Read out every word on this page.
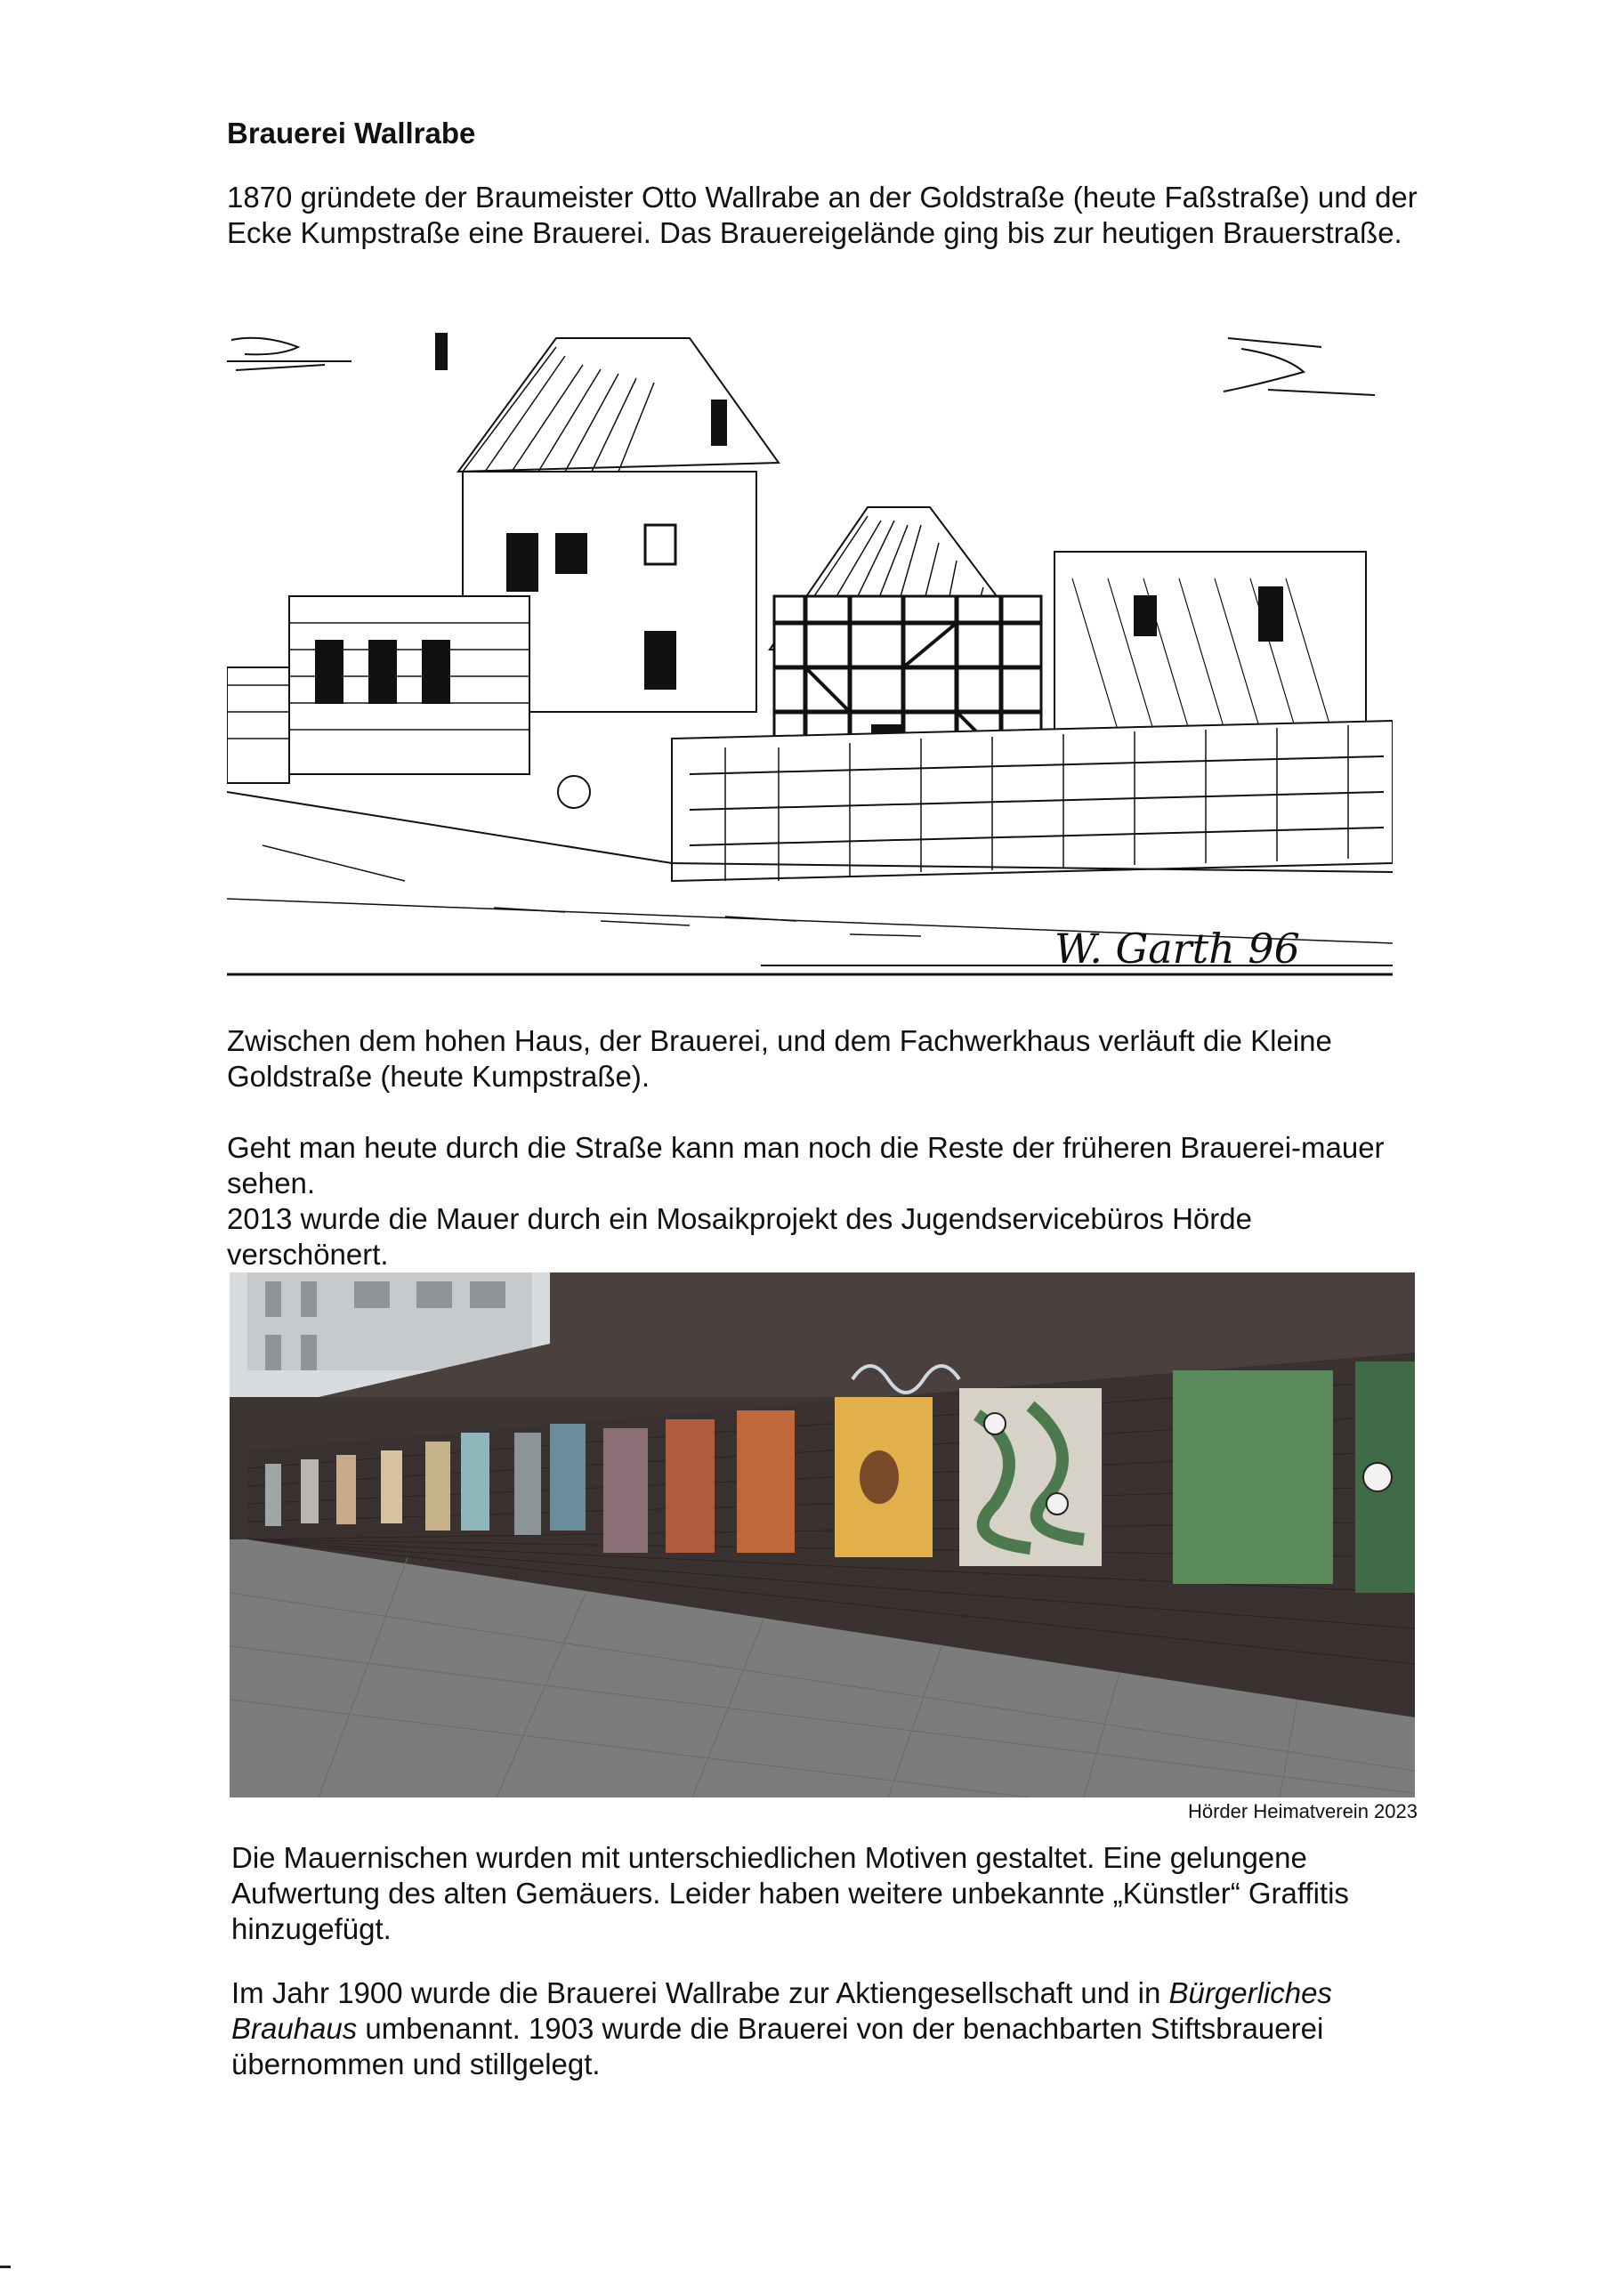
Brauerei Wallrabe

1870 gründete der Braumeister Otto Wallrabe an der Goldstraße (heute Faßstraße) und der Ecke Kumpstraße eine Brauerei. Das Brauereigelände ging bis zur heutigen Brauerstraße.

W. Garth 96

Zwischen dem hohen Haus, der Brauerei, und dem Fachwerkhaus verläuft die Kleine Goldstraße (heute Kumpstraße).

Geht man heute durch die Straße kann man noch die Reste der früheren Brauerei-mauer sehen.

2013 wurde die Mauer durch ein Mosaikprojekt des Jugendservicebüros Hörde verschönert.

Hörder Heimatverein 2023

Die Mauernischen wurden mit unterschiedlichen Motiven gestaltet. Eine gelungene Aufwertung des alten Gemäuers. Leider haben weitere unbekannte „Künstler“ Graffitis hinzugefügt.

Im Jahr 1900 wurde die Brauerei Wallrabe zur Aktiengesellschaft und in Bürgerliches Brauhaus umbenannt. 1903 wurde die Brauerei von der benachbarten Stiftsbrauerei übernommen und stillgelegt.
